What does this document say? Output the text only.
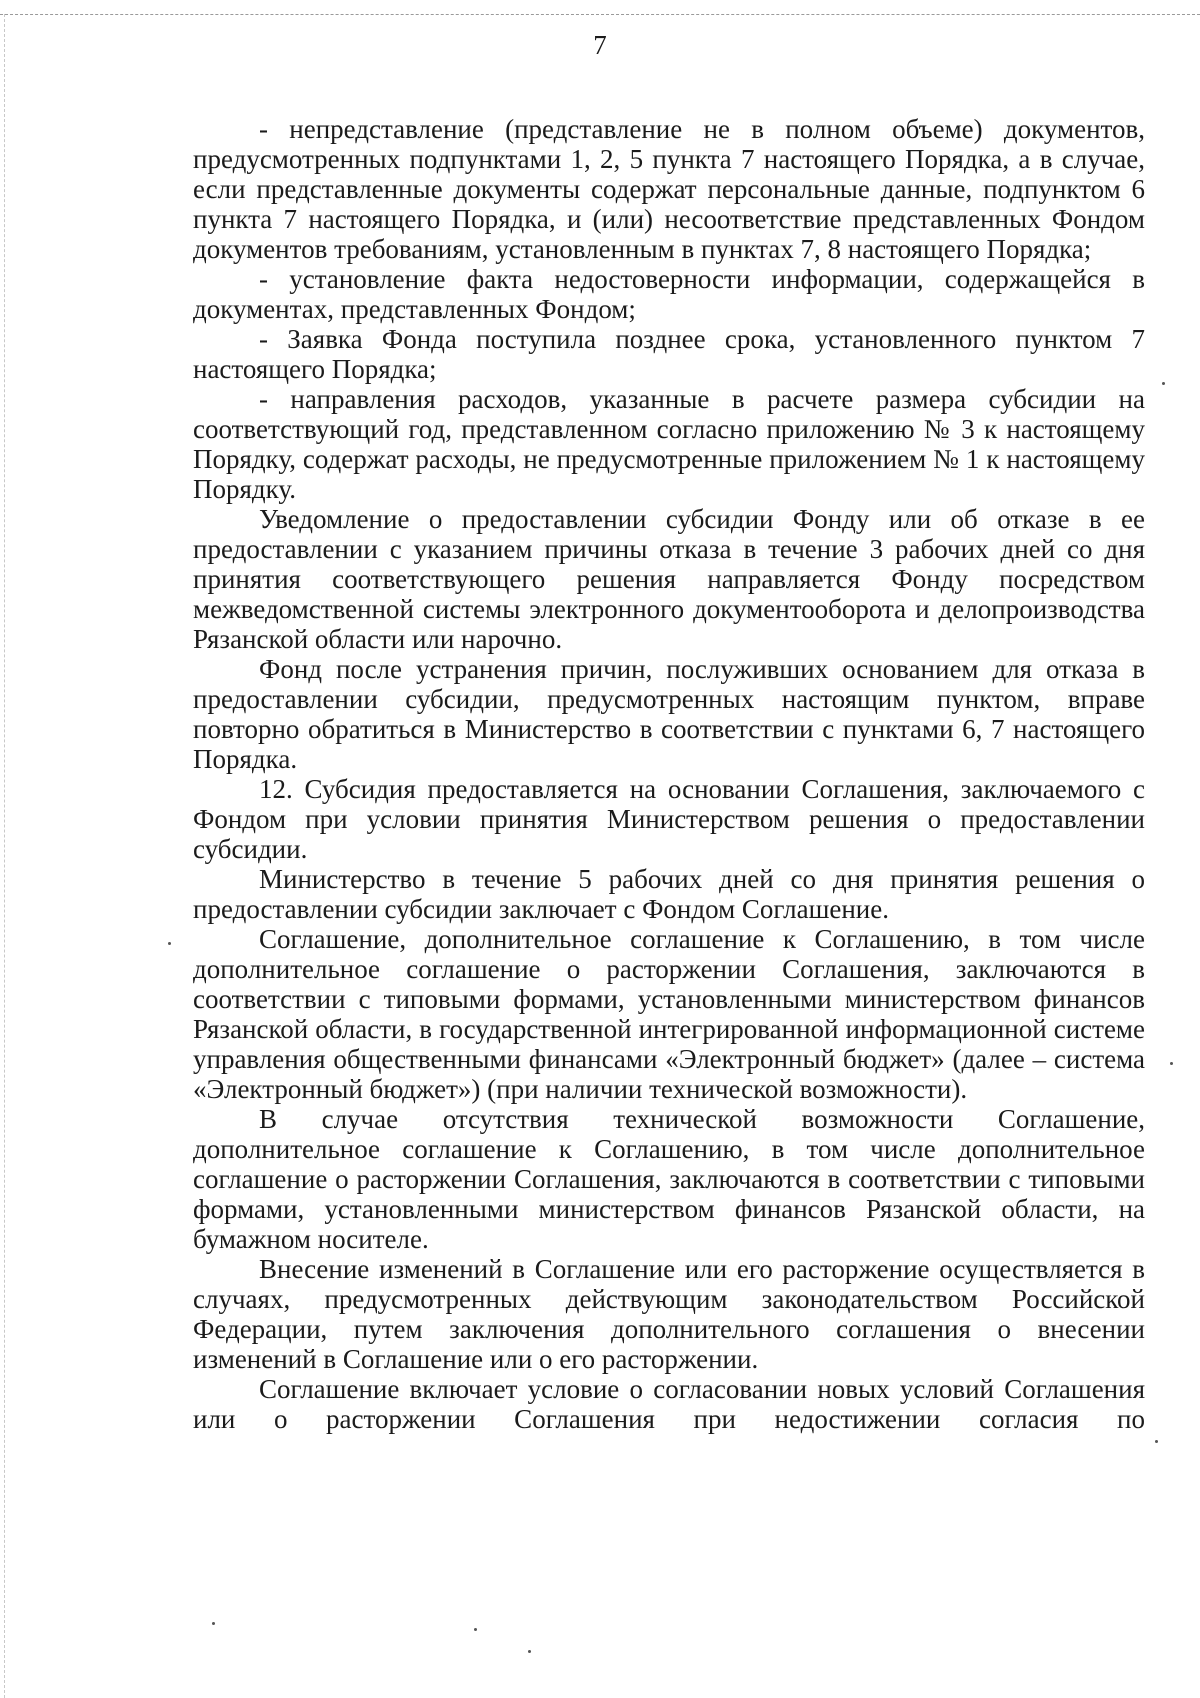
7

- непредставление (представление не в полном объеме) документов, предусмотренных подпунктами 1, 2, 5 пункта 7 настоящего Порядка, а в случае, если представленные документы содержат персональные данные, подпунктом 6 пункта 7 настоящего Порядка, и (или) несоответствие представленных Фондом документов требованиям, установленным в пунктах 7, 8 настоящего Порядка;

- установление факта недостоверности информации, содержащейся в документах, представленных Фондом;

- Заявка Фонда поступила позднее срока, установленного пунктом 7 настоящего Порядка;

- направления расходов, указанные в расчете размера субсидии на соответствующий год, представленном согласно приложению № 3 к настоящему Порядку, содержат расходы, не предусмотренные приложением № 1 к настоящему Порядку.

Уведомление о предоставлении субсидии Фонду или об отказе в ее предоставлении с указанием причины отказа в течение 3 рабочих дней со дня принятия соответствующего решения направляется Фонду посредством межведомственной системы электронного документооборота и делопроизводства Рязанской области или нарочно.

Фонд после устранения причин, послуживших основанием для отказа в предоставлении субсидии, предусмотренных настоящим пунктом, вправе повторно обратиться в Министерство в соответствии с пунктами 6, 7 настоящего Порядка.

12. Субсидия предоставляется на основании Соглашения, заключаемого с Фондом при условии принятия Министерством решения о предоставлении субсидии.

Министерство в течение 5 рабочих дней со дня принятия решения о предоставлении субсидии заключает с Фондом Соглашение.

Соглашение, дополнительное соглашение к Соглашению, в том числе дополнительное соглашение о расторжении Соглашения, заключаются в соответствии с типовыми формами, установленными министерством финансов Рязанской области, в государственной интегрированной информационной системе управления общественными финансами «Электронный бюджет» (далее – система «Электронный бюджет») (при наличии технической возможности).

В случае отсутствия технической возможности Соглашение, дополнительное соглашение к Соглашению, в том числе дополнительное соглашение о расторжении Соглашения, заключаются в соответствии с типовыми формами, установленными министерством финансов Рязанской области, на бумажном носителе.

Внесение изменений в Соглашение или его расторжение осуществляется в случаях, предусмотренных действующим законодательством Российской Федерации, путем заключения дополнительного соглашения о внесении изменений в Соглашение или о его расторжении.

Соглашение включает условие о согласовании новых условий Соглашения или о расторжении Соглашения при недостижении согласия по
